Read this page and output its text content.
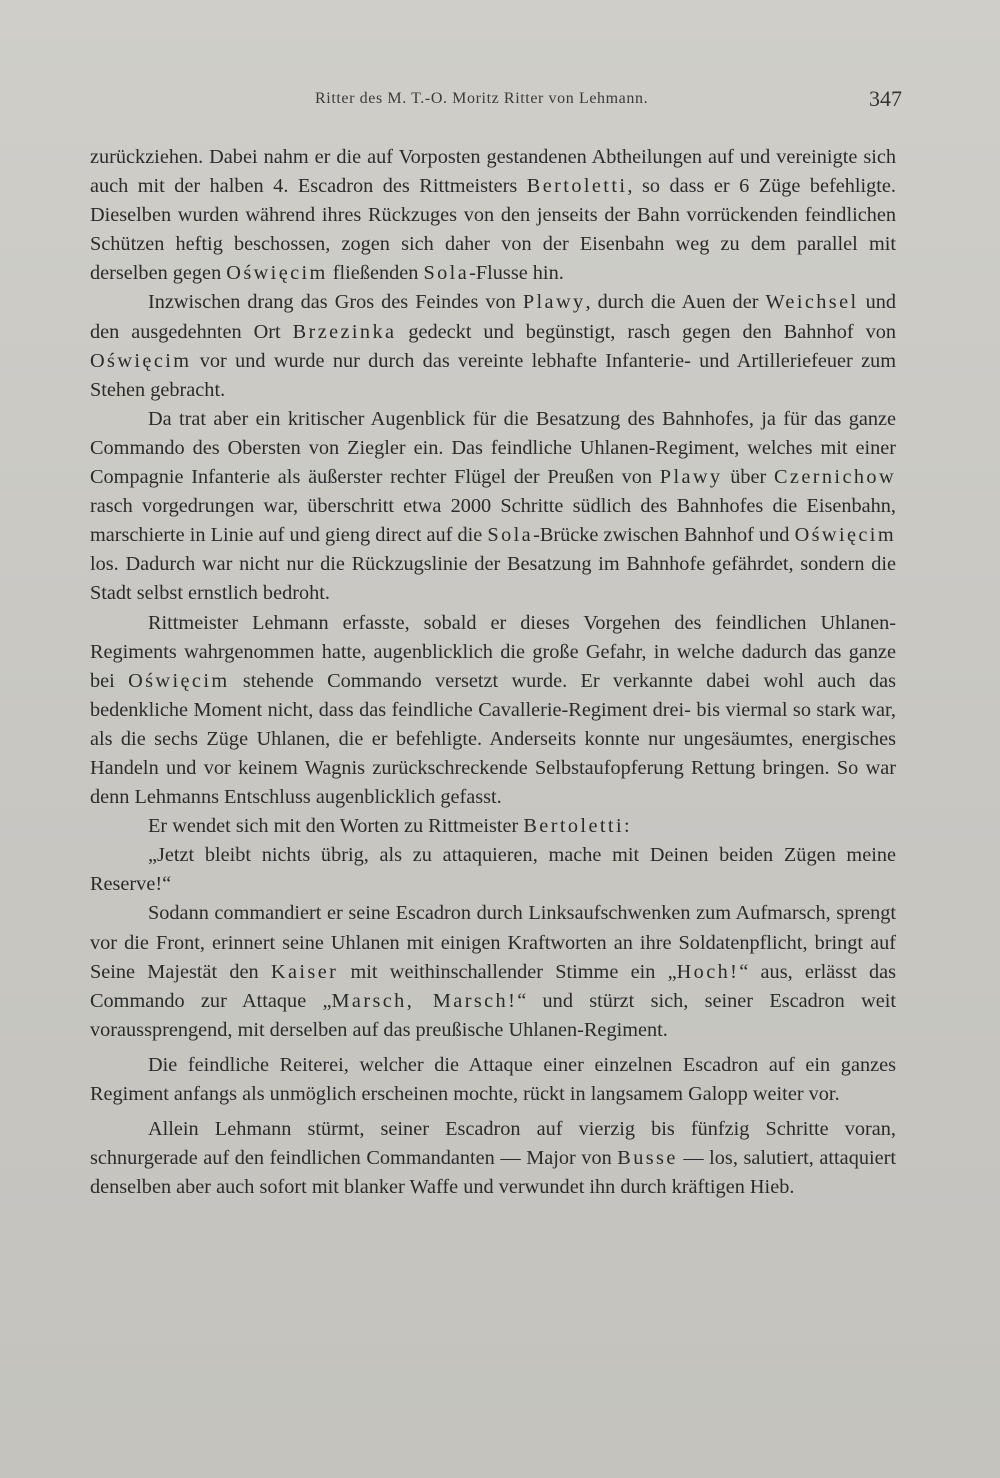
Ritter des M. T.-O. Moritz Ritter von Lehmann.	347

zurückziehen. Dabei nahm er die auf Vorposten gestandenen Abtheilungen auf und vereinigte sich auch mit der halben 4. Escadron des Rittmeisters Bertoletti, so dass er 6 Züge befehligte. Dieselben wurden während ihres Rückzuges von den jenseits der Bahn vorrückenden feindlichen Schützen heftig beschossen, zogen sich daher von der Eisenbahn weg zu dem parallel mit derselben gegen Oświęcim fließenden Sola-Flusse hin.

Inzwischen drang das Gros des Feindes von Plawy, durch die Auen der Weichsel und den ausgedehnten Ort Brzezinka gedeckt und begünstigt, rasch gegen den Bahnhof von Oświęcim vor und wurde nur durch das vereinte lebhafte Infanterie- und Artilleriefeuer zum Stehen gebracht.

Da trat aber ein kritischer Augenblick für die Besatzung des Bahnhofes, ja für das ganze Commando des Obersten von Ziegler ein. Das feindliche Uhlanen-Regiment, welches mit einer Compagnie Infanterie als äußerster rechter Flügel der Preußen von Plawy über Czernichow rasch vorgedrungen war, überschritt etwa 2000 Schritte südlich des Bahnhofes die Eisenbahn, marschierte in Linie auf und gieng direct auf die Sola-Brücke zwischen Bahnhof und Oświęcim los. Dadurch war nicht nur die Rückzugslinie der Besatzung im Bahnhofe gefährdet, sondern die Stadt selbst ernstlich bedroht.

Rittmeister Lehmann erfasste, sobald er dieses Vorgehen des feindlichen Uhlanen-Regiments wahrgenommen hatte, augenblicklich die große Gefahr, in welche dadurch das ganze bei Oświęcim stehende Commando versetzt wurde. Er verkannte dabei wohl auch das bedenkliche Moment nicht, dass das feindliche Cavallerie-Regiment drei- bis viermal so stark war, als die sechs Züge Uhlanen, die er befehligte. Anderseits konnte nur ungesäumtes, energisches Handeln und vor keinem Wagnis zurückschreckende Selbstaufopferung Rettung bringen. So war denn Lehmanns Entschluss augenblicklich gefasst.

Er wendet sich mit den Worten zu Rittmeister Bertoletti:

„Jetzt bleibt nichts übrig, als zu attaquieren, mache mit Deinen beiden Zügen meine Reserve!“

Sodann commandiert er seine Escadron durch Linksaufschwenken zum Aufmarsch, sprengt vor die Front, erinnert seine Uhlanen mit einigen Kraftworten an ihre Soldatenpflicht, bringt auf Seine Majestät den Kaiser mit weithinschallender Stimme ein „Hoch!“ aus, erlässt das Commando zur Attaque „Marsch, Marsch!“ und stürzt sich, seiner Escadron weit voraussprengend, mit derselben auf das preußische Uhlanen-Regiment.

Die feindliche Reiterei, welcher die Attaque einer einzelnen Escadron auf ein ganzes Regiment anfangs als unmöglich erscheinen mochte, rückt in langsamem Galopp weiter vor.

Allein Lehmann stürmt, seiner Escadron auf vierzig bis fünfzig Schritte voran, schnurgerade auf den feindlichen Commandanten — Major von Busse — los, salutiert, attaquiert denselben aber auch sofort mit blanker Waffe und verwundet ihn durch kräftigen Hieb.
